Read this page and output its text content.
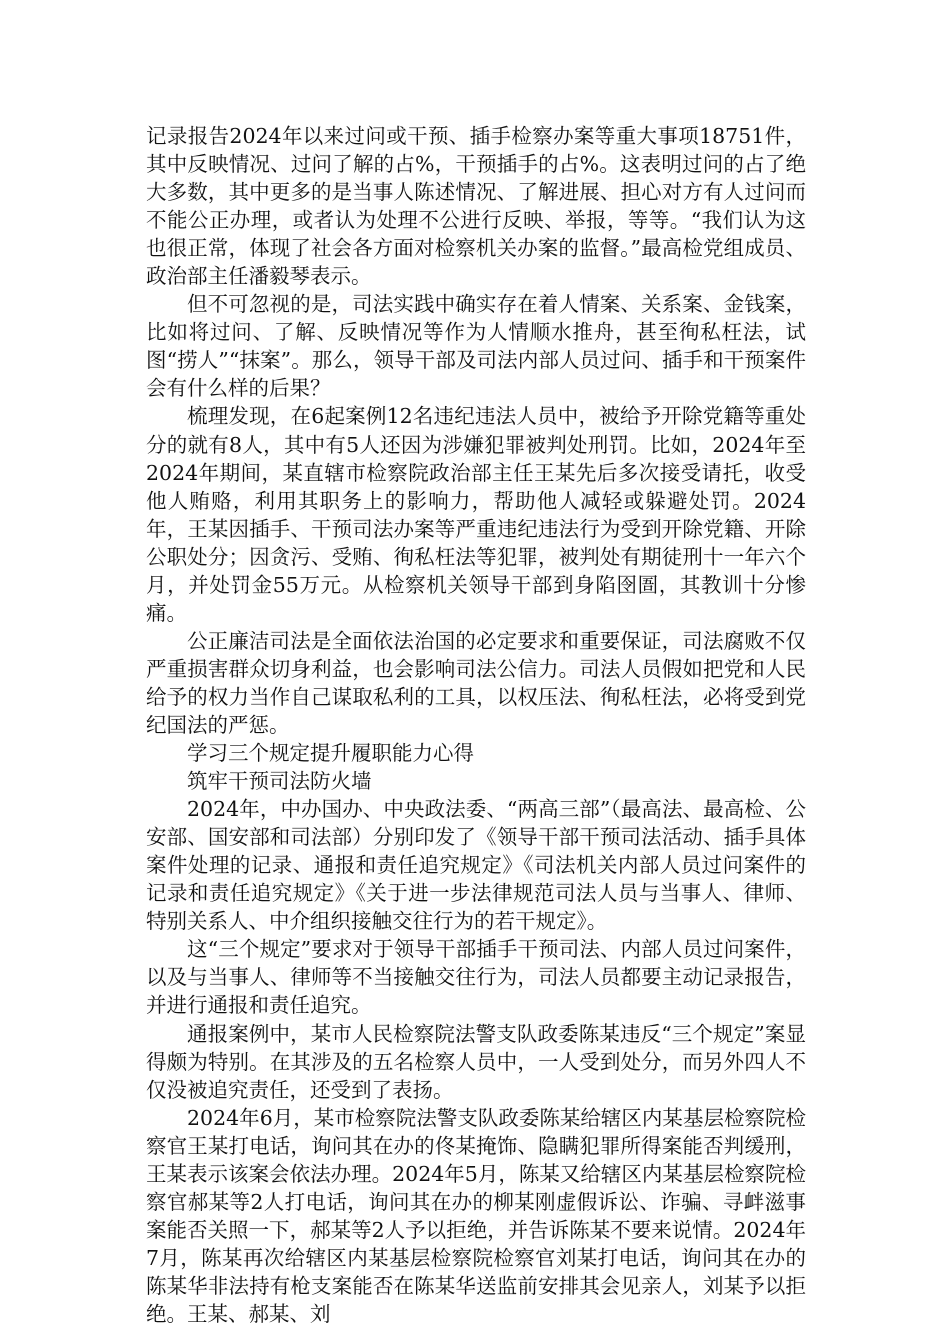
记录报告2024年以来过问或干预、插手检察办案等重大事项18751件，其中反映情况、过问了解的占%，干预插手的占%。这表明过问的占了绝大多数，其中更多的是当事人陈述情况、了解进展、担心对方有人过问而不能公正办理，或者认为处理不公进行反映、举报，等等。“我们认为这也很正常，体现了社会各方面对检察机关办案的监督。”最高检党组成员、政治部主任潘毅琴表示。

但不可忽视的是，司法实践中确实存在着人情案、关系案、金钱案，比如将过问、了解、反映情况等作为人情顺水推舟，甚至徇私枉法，试图“捞人”“抹案”。那么，领导干部及司法内部人员过问、插手和干预案件会有什么样的后果？

梳理发现，在6起案例12名违纪违法人员中，被给予开除党籍等重处分的就有8人，其中有5人还因为涉嫌犯罪被判处刑罚。比如，2024年至2024年期间，某直辖市检察院政治部主任王某先后多次接受请托，收受他人贿赂，利用其职务上的影响力，帮助他人减轻或躲避处罚。2024年，王某因插手、干预司法办案等严重违纪违法行为受到开除党籍、开除公职处分；因贪污、受贿、徇私枉法等犯罪，被判处有期徒刑十一年六个月，并处罚金55万元。从检察机关领导干部到身陷囹圄，其教训十分惨痛。

公正廉洁司法是全面依法治国的必定要求和重要保证，司法腐败不仅严重损害群众切身利益，也会影响司法公信力。司法人员假如把党和人民给予的权力当作自己谋取私利的工具，以权压法、徇私枉法，必将受到党纪国法的严惩。

学习三个规定提升履职能力心得

筑牢干预司法防火墙

2024年，中办国办、中央政法委、“两高三部”（最高法、最高检、公安部、国安部和司法部）分别印发了《领导干部干预司法活动、插手具体案件处理的记录、通报和责任追究规定》《司法机关内部人员过问案件的记录和责任追究规定》《关于进一步法律规范司法人员与当事人、律师、特别关系人、中介组织接触交往行为的若干规定》。

这“三个规定”要求对于领导干部插手干预司法、内部人员过问案件，以及与当事人、律师等不当接触交往行为，司法人员都要主动记录报告，并进行通报和责任追究。

通报案例中，某市人民检察院法警支队政委陈某违反“三个规定”案显得颇为特别。在其涉及的五名检察人员中，一人受到处分，而另外四人不仅没被追究责任，还受到了表扬。

2024年6月，某市检察院法警支队政委陈某给辖区内某基层检察院检察官王某打电话，询问其在办的佟某掩饰、隐瞒犯罪所得案能否判缓刑，王某表示该案会依法办理。2024年5月，陈某又给辖区内某基层检察院检察官郝某等2人打电话，询问其在办的柳某刚虚假诉讼、诈骗、寻衅滋事案能否关照一下，郝某等2人予以拒绝，并告诉陈某不要来说情。2024年7月，陈某再次给辖区内某基层检察院检察官刘某打电话，询问其在办的陈某华非法持有枪支案能否在陈某华送监前安排其会见亲人，刘某予以拒绝。王某、郝某、刘
